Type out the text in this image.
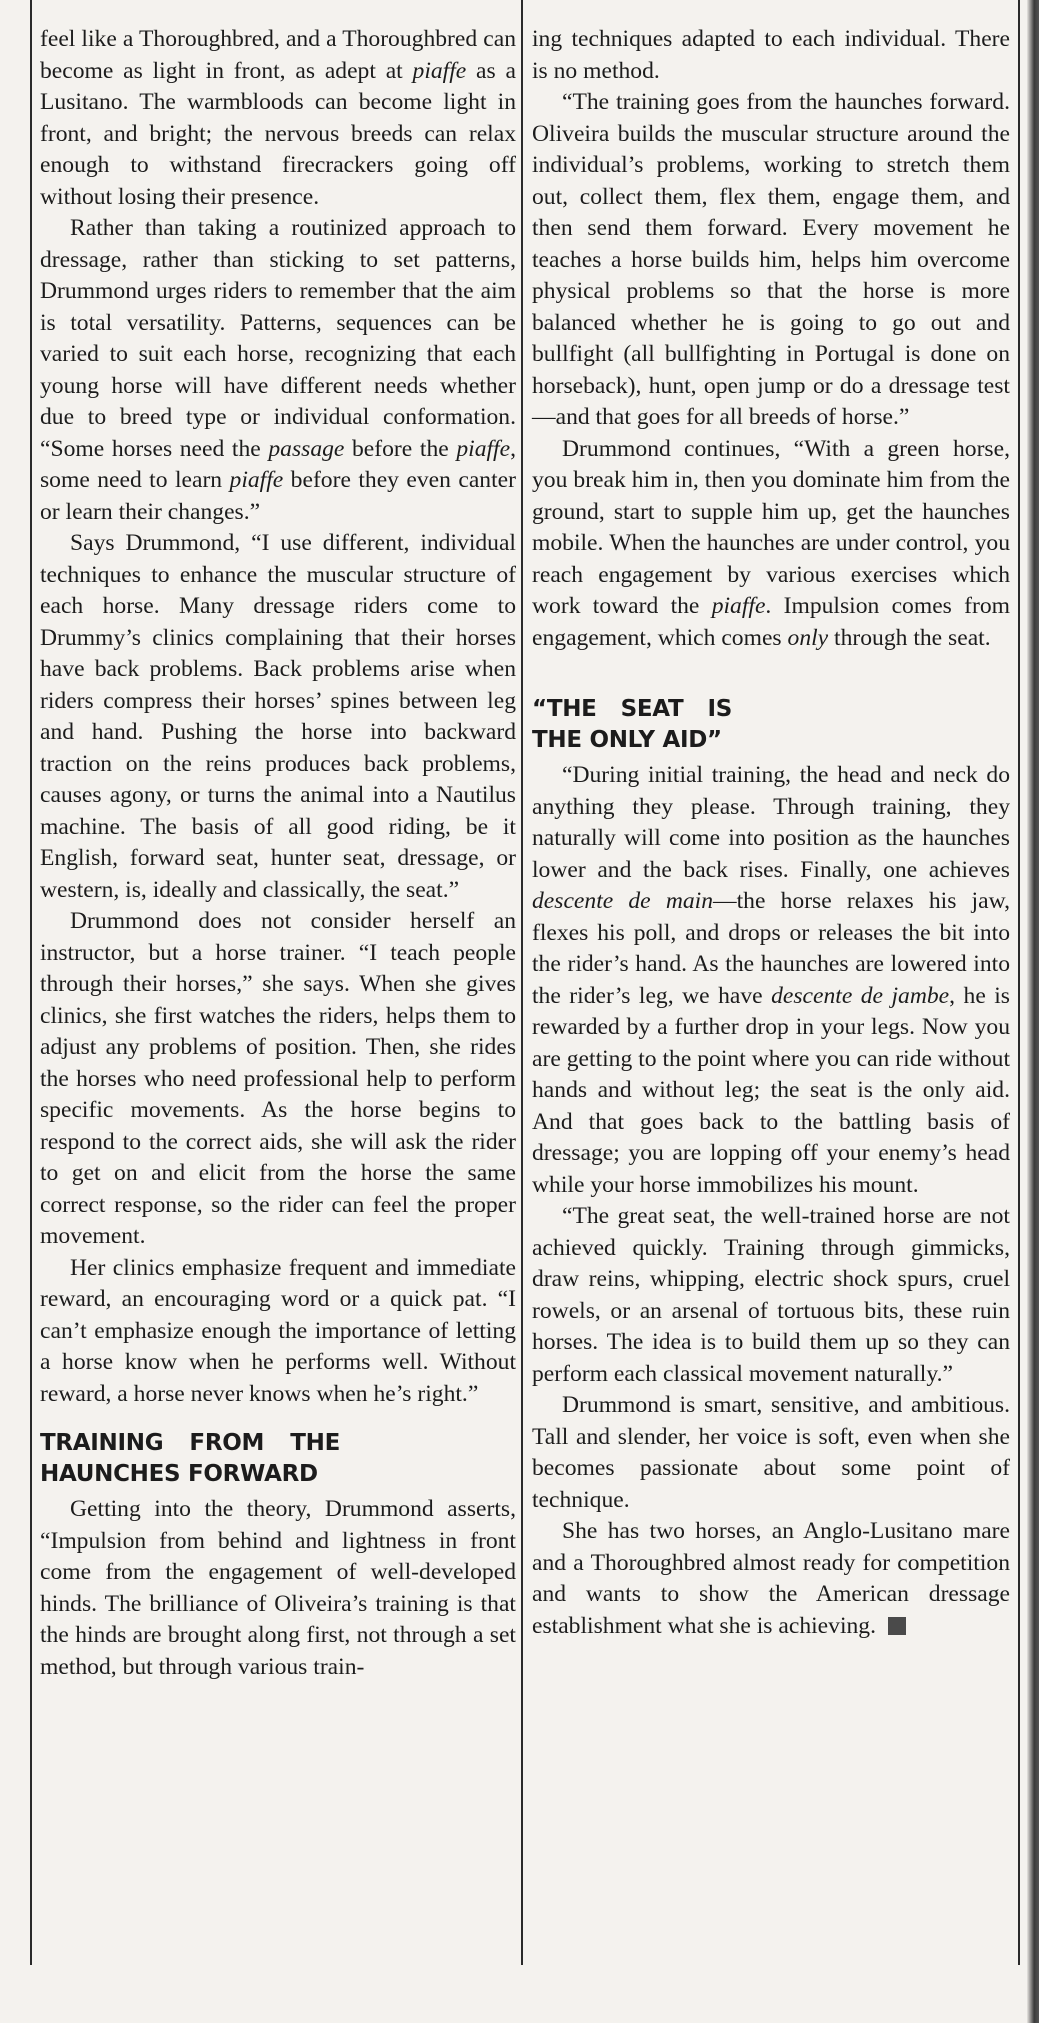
feel like a Thoroughbred, and a Thoroughbred can become as light in front, as adept at piaffe as a Lusitano. The warmbloods can become light in front, and bright; the nervous breeds can relax enough to withstand firecrackers going off without losing their presence.

Rather than taking a routinized approach to dressage, rather than sticking to set patterns, Drummond urges riders to remember that the aim is total versatility. Patterns, sequences can be varied to suit each horse, recognizing that each young horse will have different needs whether due to breed type or individual conformation. “Some horses need the passage before the piaffe, some need to learn piaffe before they even canter or learn their changes.”

Says Drummond, “I use different, individual techniques to enhance the muscular structure of each horse. Many dressage riders come to Drummy’s clinics complaining that their horses have back problems. Back problems arise when riders compress their horses’ spines between leg and hand. Pushing the horse into backward traction on the reins produces back problems, causes agony, or turns the animal into a Nautilus machine. The basis of all good riding, be it English, forward seat, hunter seat, dressage, or western, is, ideally and classically, the seat.”

Drummond does not consider herself an instructor, but a horse trainer. “I teach people through their horses,” she says. When she gives clinics, she first watches the riders, helps them to adjust any problems of position. Then, she rides the horses who need professional help to perform specific movements. As the horse begins to respond to the correct aids, she will ask the rider to get on and elicit from the horse the same correct response, so the rider can feel the proper movement.

Her clinics emphasize frequent and immediate reward, an encouraging word or a quick pat. “I can’t emphasize enough the importance of letting a horse know when he performs well. Without reward, a horse never knows when he’s right.”

TRAINING FROM THE HAUNCHES FORWARD

Getting into the theory, Drummond asserts, “Impulsion from behind and lightness in front come from the engagement of well-developed hinds. The brilliance of Oliveira’s training is that the hinds are brought along first, not through a set method, but through various train-

ing techniques adapted to each individual. There is no method.

“The training goes from the haunches forward. Oliveira builds the muscular structure around the individual’s problems, working to stretch them out, collect them, flex them, engage them, and then send them forward. Every movement he teaches a horse builds him, helps him overcome physical problems so that the horse is more balanced whether he is going to go out and bullfight (all bullfighting in Portugal is done on horseback), hunt, open jump or do a dressage test—and that goes for all breeds of horse.”

Drummond continues, “With a green horse, you break him in, then you dominate him from the ground, start to supple him up, get the haunches mobile. When the haunches are under control, you reach engagement by various exercises which work toward the piaffe. Impulsion comes from engagement, which comes only through the seat.

“THE SEAT IS THE ONLY AID”

“During initial training, the head and neck do anything they please. Through training, they naturally will come into position as the haunches lower and the back rises. Finally, one achieves descente de main—the horse relaxes his jaw, flexes his poll, and drops or releases the bit into the rider’s hand. As the haunches are lowered into the rider’s leg, we have descente de jambe, he is rewarded by a further drop in your legs. Now you are getting to the point where you can ride without hands and without leg; the seat is the only aid. And that goes back to the battling basis of dressage; you are lopping off your enemy’s head while your horse immobilizes his mount.

“The great seat, the well-trained horse are not achieved quickly. Training through gimmicks, draw reins, whipping, electric shock spurs, cruel rowels, or an arsenal of tortuous bits, these ruin horses. The idea is to build them up so they can perform each classical movement naturally.”

Drummond is smart, sensitive, and ambitious. Tall and slender, her voice is soft, even when she becomes passionate about some point of technique.

She has two horses, an Anglo-Lusitano mare and a Thoroughbred almost ready for competition and wants to show the American dressage establishment what she is achieving.
